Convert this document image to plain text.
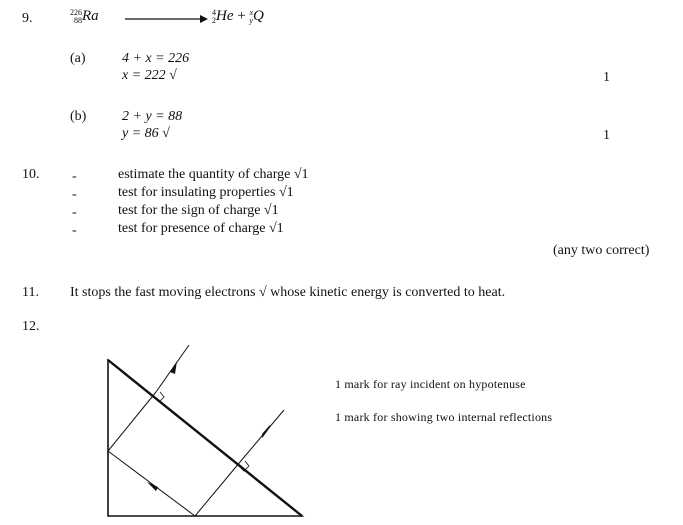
9.	226
88 Ra	4
2 He + x
y Q
(a)	4 + x = 226
x = 222 √	1
(b)	2 + y = 88
y = 86 √	1
10. -	estimate the quantity of charge √1
-	test for insulating properties √1
-	test for the sign of charge √1
-	test for presence of charge √1
(any two correct)
11. It stops the fast moving electrons √ whose kinetic energy is converted to heat.
12.
1 mark for ray incident on hypotenuse
1 mark for showing two internal reflections
